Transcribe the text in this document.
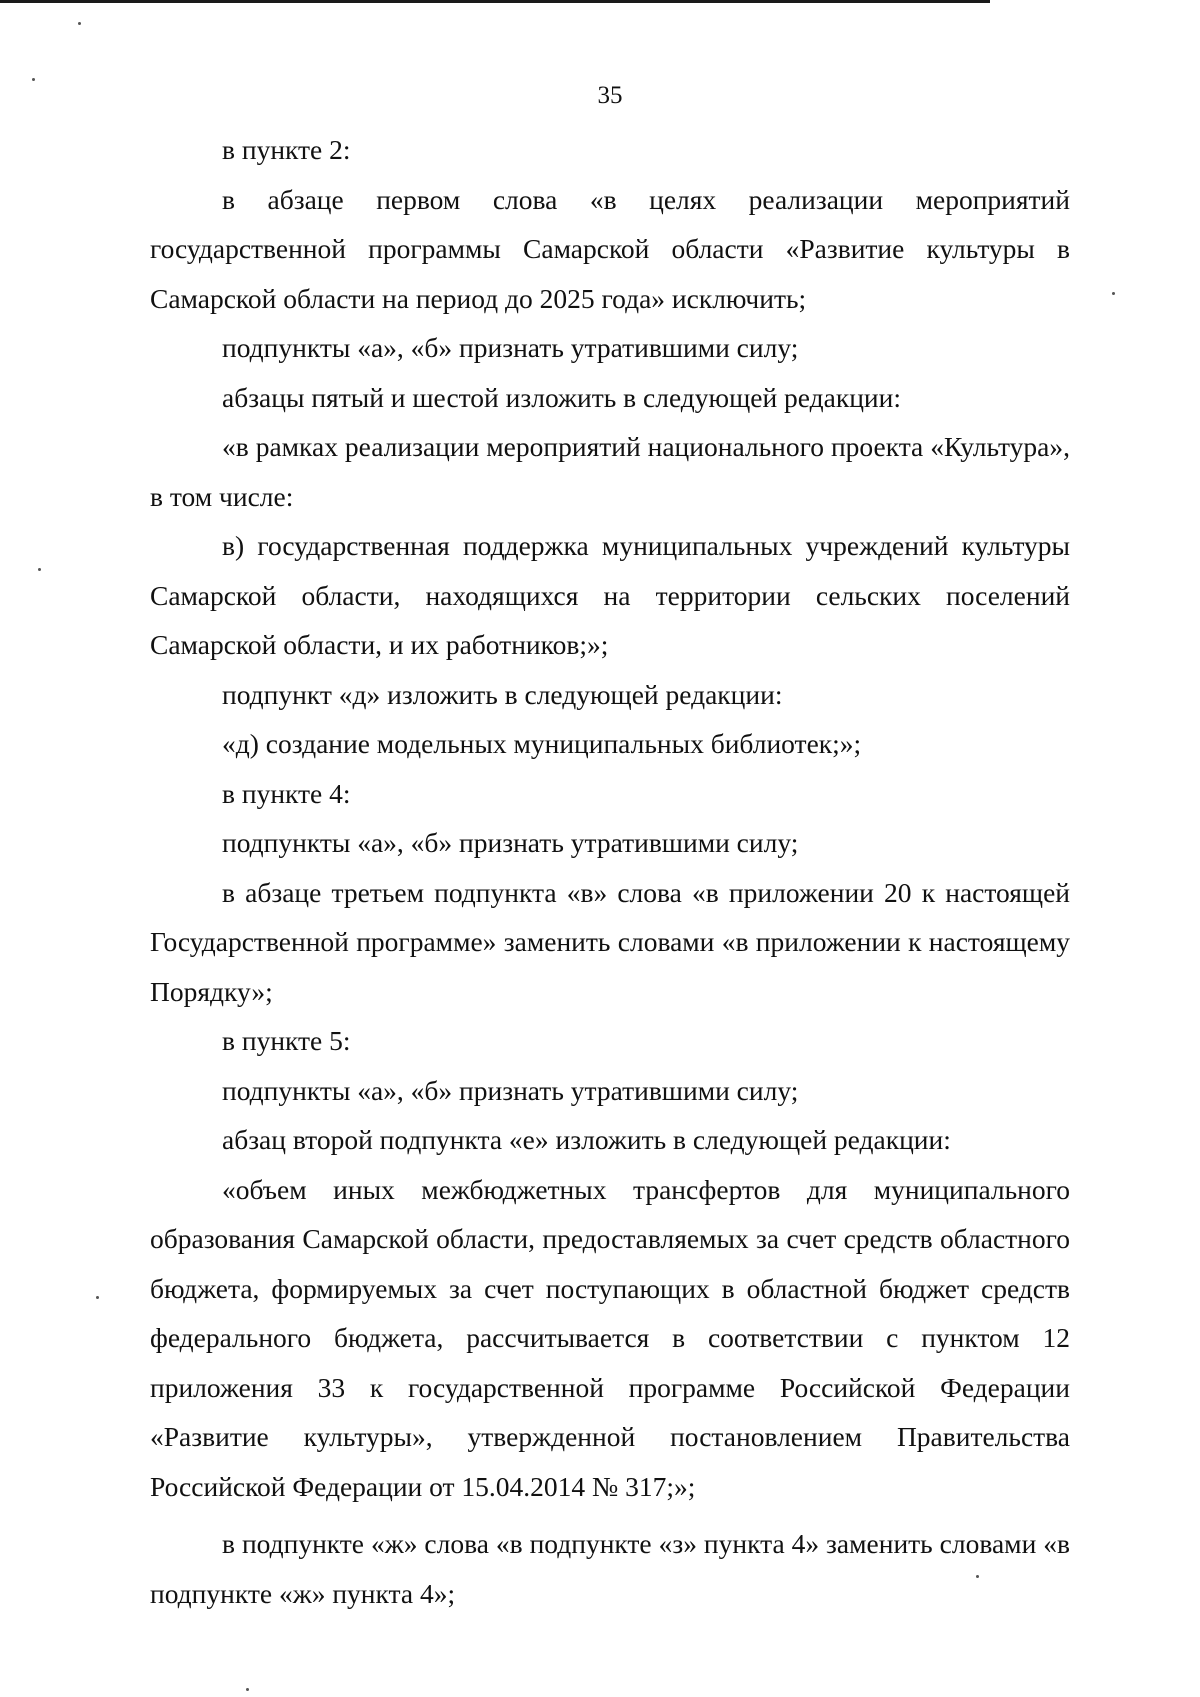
35

в пункте 2:

в абзаце первом слова «в целях реализации мероприятий государственной программы Самарской области «Развитие культуры в Самарской области на период до 2025 года» исключить;

подпункты «а», «б» признать утратившими силу;

абзацы пятый и шестой изложить в следующей редакции:

«в рамках реализации мероприятий национального проекта «Культура», в том числе:

в) государственная поддержка муниципальных учреждений культуры Самарской области, находящихся на территории сельских поселений Самарской области, и их работников;»;

подпункт «д» изложить в следующей редакции:

«д) создание модельных муниципальных библиотек;»;

в пункте 4:

подпункты «а», «б» признать утратившими силу;

в абзаце третьем подпункта «в» слова «в приложении 20 к настоящей Государственной программе» заменить словами «в приложении к настоящему Порядку»;

в пункте 5:

подпункты «а», «б» признать утратившими силу;

абзац второй подпункта «е» изложить в следующей редакции:

«объем иных межбюджетных трансфертов для муниципального образования Самарской области, предоставляемых за счет средств областного бюджета, формируемых за счет поступающих в областной бюджет средств федерального бюджета, рассчитывается в соответствии с пунктом 12 приложения 33 к государственной программе Российской Федерации «Развитие культуры», утвержденной постановлением Правительства Российской Федерации от 15.04.2014 № 317;»;

в подпункте «ж» слова «в подпункте «з» пункта 4» заменить словами «в подпункте «ж» пункта 4»;
